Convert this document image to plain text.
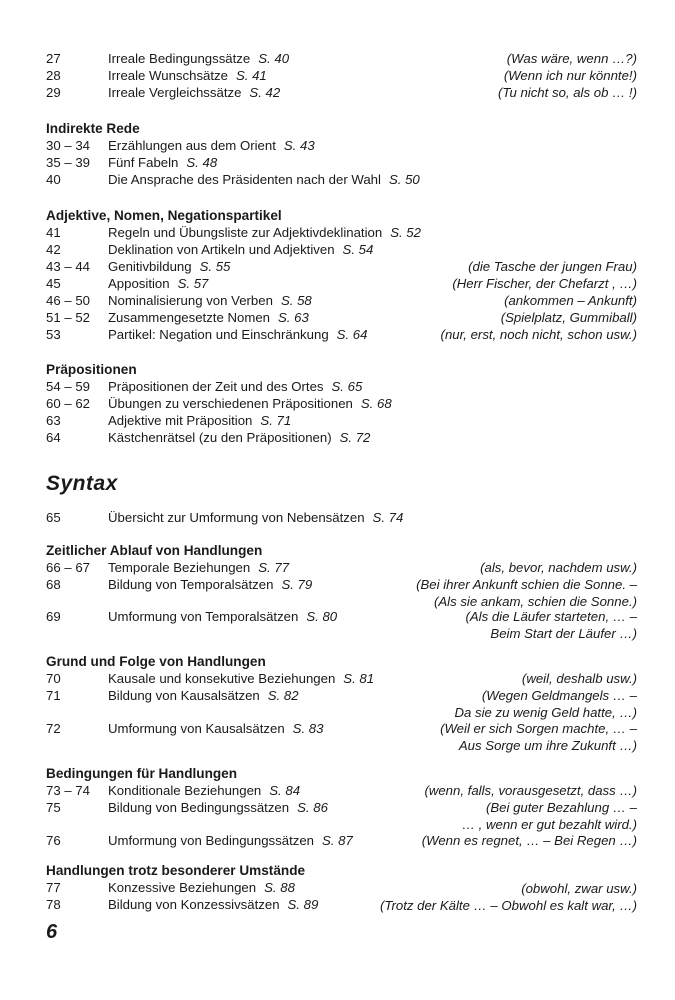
27	Irreale Bedingungssätze S. 40	(Was wäre, wenn …?)
28	Irreale Wunschsätze S. 41	(Wenn ich nur könnte!)
29	Irreale Vergleichssätze S. 42	(Tu nicht so, als ob … !)
Indirekte Rede
30 – 34 Erzählungen aus dem Orient S. 43
35 – 39 Fünf Fabeln S. 48
40	Die Ansprache des Präsidenten nach der Wahl S. 50
Adjektive, Nomen, Negationspartikel
41	Regeln und Übungsliste zur Adjektivdeklination S. 52
42	Deklination von Artikeln und Adjektiven S. 54
43 – 44 Genitivbildung S. 55	(die Tasche der jungen Frau)
45	Apposition S. 57	(Herr Fischer, der Chefarzt , …)
46 – 50 Nominalisierung von Verben S. 58	(ankommen – Ankunft)
51 – 52 Zusammengesetzte Nomen S. 63	(Spielplatz, Gummiball)
53	Partikel: Negation und Einschränkung S. 64	(nur, erst, noch nicht, schon usw.)
Präpositionen
54 – 59 Präpositionen der Zeit und des Ortes S. 65
60 – 62 Übungen zu verschiedenen Präpositionen S. 68
63	Adjektive mit Präposition S. 71
64	Kästchenrätsel (zu den Präpositionen) S. 72
Syntax
65	Übersicht zur Umformung von Nebensätzen S. 74
Zeitlicher Ablauf von Handlungen
66 – 67 Temporale Beziehungen S. 77	(als, bevor, nachdem usw.)
68	Bildung von Temporalsätzen S. 79	(Bei ihrer Ankunft schien die Sonne. –
(Als sie ankam, schien die Sonne.)
69	Umformung von Temporalsätzen S. 80	(Als die Läufer starteten, … –
Beim Start der Läufer …)
Grund und Folge von Handlungen
70	Kausale und konsekutive Beziehungen S. 81	(weil, deshalb usw.)
71	Bildung von Kausalsätzen S. 82	(Wegen Geldmangels … –
Da sie zu wenig Geld hatte, …)
72	Umformung von Kausalsätzen S. 83	(Weil er sich Sorgen machte, … –
Aus Sorge um ihre Zukunft …)
Bedingungen für Handlungen
73 – 74 Konditionale Beziehungen S. 84	(wenn, falls, vorausgesetzt, dass …)
75	Bildung von Bedingungssätzen S. 86	(Bei guter Bezahlung … –
… , wenn er gut bezahlt wird.)
76	Umformung von Bedingungssätzen S. 87	(Wenn es regnet, … – Bei Regen …)
Handlungen trotz besonderer Umstände
77	Konzessive Beziehungen S. 88	(obwohl, zwar usw.)
78	Bildung von Konzessivsätzen S. 89	(Trotz der Kälte … – Obwohl es kalt war, …)
6
